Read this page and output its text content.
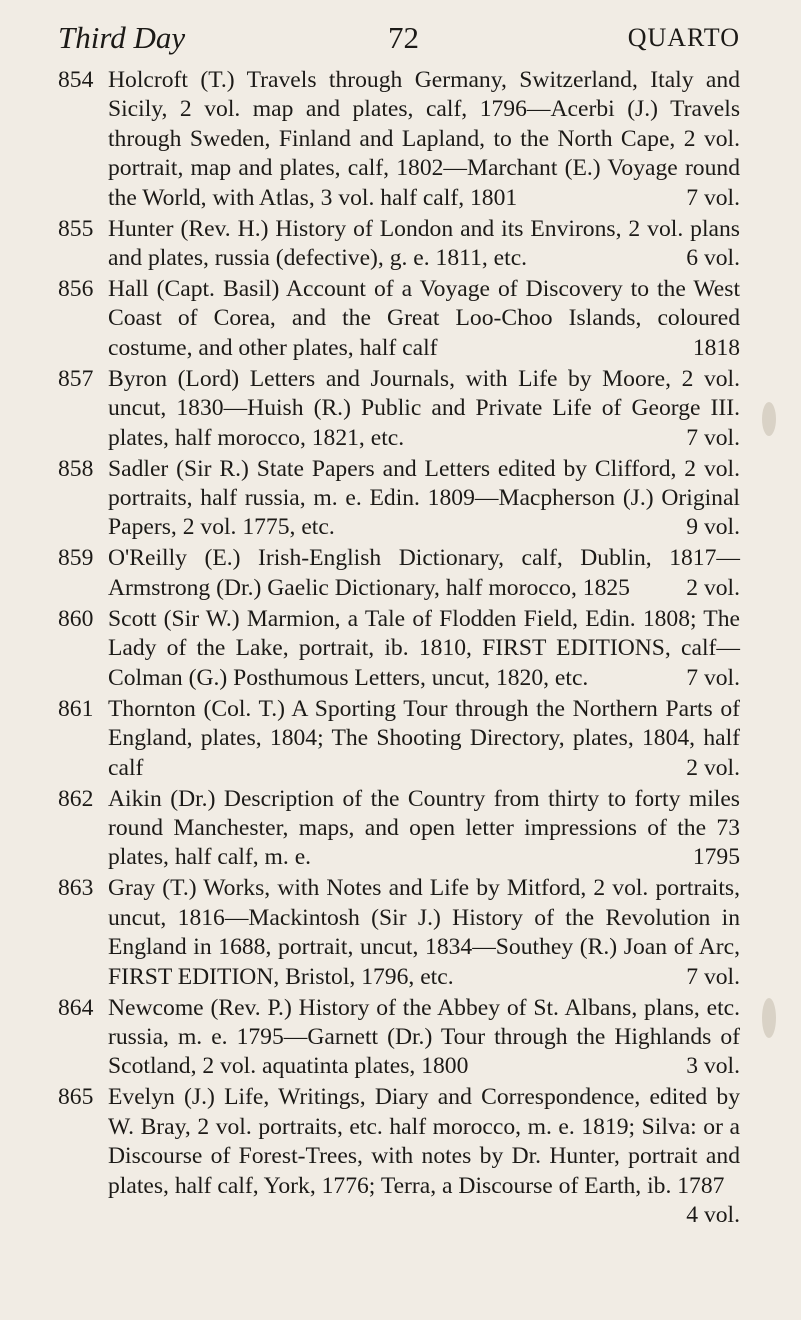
Third Day	72	QUARTO
854 Holcroft (T.) Travels through Germany, Switzerland, Italy and Sicily, 2 vol. map and plates, calf, 1796—Acerbi (J.) Travels through Sweden, Finland and Lapland, to the North Cape, 2 vol. portrait, map and plates, calf, 1802—Marchant (E.) Voyage round the World, with Atlas, 3 vol. half calf, 1801	7 vol.
855 Hunter (Rev. H.) History of London and its Environs, 2 vol. plans and plates, russia (defective), g. e. 1811, etc.	6 vol.
856 Hall (Capt. Basil) Account of a Voyage of Discovery to the West Coast of Corea, and the Great Loo-Choo Islands, coloured costume, and other plates, half calf	1818
857 Byron (Lord) Letters and Journals, with Life by Moore, 2 vol. uncut, 1830—Huish (R.) Public and Private Life of George III. plates, half morocco, 1821, etc.	7 vol.
858 Sadler (Sir R.) State Papers and Letters edited by Clifford, 2 vol. portraits, half russia, m. e. Edin. 1809—Macpherson (J.) Original Papers, 2 vol. 1775, etc.	9 vol.
859 O'Reilly (E.) Irish-English Dictionary, calf, Dublin, 1817—Armstrong (Dr.) Gaelic Dictionary, half morocco, 1825 2 vol.
860 Scott (Sir W.) Marmion, a Tale of Flodden Field, Edin. 1808; The Lady of the Lake, portrait, ib. 1810, FIRST EDITIONS, calf—Colman (G.) Posthumous Letters, uncut, 1820, etc.	7 vol.
861 Thornton (Col. T.) A Sporting Tour through the Northern Parts of England, plates, 1804; The Shooting Directory, plates, 1804, half calf	2 vol.
862 Aikin (Dr.) Description of the Country from thirty to forty miles round Manchester, maps, and open letter impressions of the 73 plates, half calf, m. e.	1795
863 Gray (T.) Works, with Notes and Life by Mitford, 2 vol. portraits, uncut, 1816—Mackintosh (Sir J.) History of the Revolution in England in 1688, portrait, uncut, 1834—Southey (R.) Joan of Arc, FIRST EDITION, Bristol, 1796, etc.	7 vol.
864 Newcome (Rev. P.) History of the Abbey of St. Albans, plans, etc. russia, m. e. 1795—Garnett (Dr.) Tour through the Highlands of Scotland, 2 vol. aquatinta plates, 1800	3 vol.
865 Evelyn (J.) Life, Writings, Diary and Correspondence, edited by W. Bray, 2 vol. portraits, etc. half morocco, m. e. 1819; Silva: or a Discourse of Forest-Trees, with notes by Dr. Hunter, portrait and plates, half calf, York, 1776; Terra, a Discourse of Earth, ib. 1787
4 vol.
